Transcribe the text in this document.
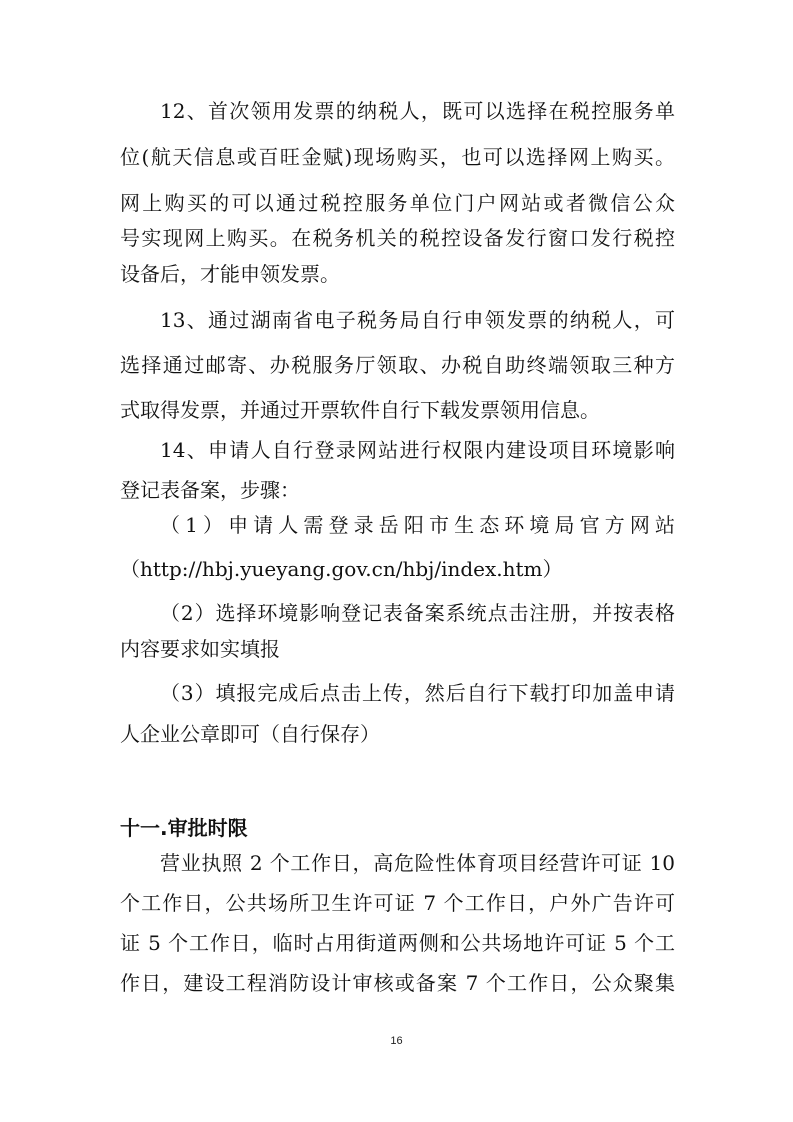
12、首次领用发票的纳税人，既可以选择在税控服务单
位(航天信息或百旺金赋)现场购买，也可以选择网上购买。
网上购买的可以通过税控服务单位门户网站或者微信公众
号实现网上购买。在税务机关的税控设备发行窗口发行税控
设备后，才能申领发票。
13、通过湖南省电子税务局自行申领发票的纳税人，可
选择通过邮寄、办税服务厅领取、办税自助终端领取三种方
式取得发票，并通过开票软件自行下载发票领用信息。
14、申请人自行登录网站进行权限内建设项目环境影响
登记表备案，步骤：
（1）申请人需登录岳阳市生态环境局官方网站
（http://hbj.yueyang.gov.cn/hbj/index.htm）
（2）选择环境影响登记表备案系统点击注册，并按表格
内容要求如实填报
（3）填报完成后点击上传，然后自行下载打印加盖申请
人企业公章即可（自行保存）
十一.审批时限
营业执照 2 个工作日，高危险性体育项目经营许可证 10
个工作日，公共场所卫生许可证 7 个工作日，户外广告许可
证 5 个工作日，临时占用街道两侧和公共场地许可证 5 个工
作日，建设工程消防设计审核或备案 7 个工作日，公众聚集
16
